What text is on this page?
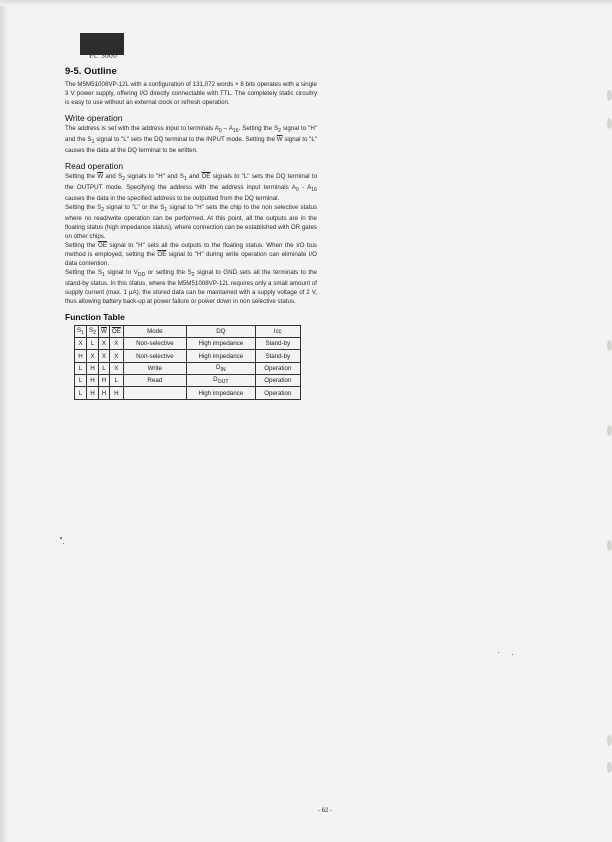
PC 3000
9-5. Outline

The M5M51008VP-12L with a configuration of 131,072 words × 8 bits operates with a single 3 V power supply, offering I/O directly connectable with TTL. The completely static circuitry is easy to use without an external clock or refresh operation.

Write operation

The address is set with the address input to terminals $A_0 - A_{16}$. Setting the $S_2$ signal to "H" and the $S_1$ signal to "L" sets the DQ terminal to the INPUT mode. Setting the $\overline{W}$ signal to "L" causes the data at the DQ terminal to be written.

Read operation

Setting the $\overline{W}$ and $S_2$ signals to "H" and $S_1$ and $\overline{OE}$ signals to "L" sets the DQ terminal to the OUTPUT mode. Specifying the address with the address input terminals $A_0 - A_{16}$ causes the data in the specified address to be outputted from the DQ terminal.

Setting the $S_2$ signal to "L" or the $S_1$ signal to "H" sets the chip to the non selective status where no read/write operation can be performed. At this point, all the outputs are in the floating status (high impedance status), where connection can be established with OR gates on other chips.

Setting the $\overline{OE}$ signal to "H" sets all the outputs to the floating status. When the I/O bus method is employed, setting the $\overline{OE}$ signal to "H" during write operation can eliminate I/O data contention.

Setting the $S_1$ signal to $V_{DD}$ or setting the $S_2$ signal to GND sets all the terminals to the stand-by status. In this status, where the M5M51008VP-12L requires only a small amount of supply current (max. 1 µA), the stored data can be maintained with a supply voltage of 2 V, thus allowing battery back-up at power failure or power down in non selective status.

Function Table
$S_1$	$S_2$	$\overline{W}$	$\overline{OE}$	Mode	DQ	Icc
X	L	X	X	Non-selective	High impedance	Stand-by
H	X	X	X	Non-selective	High impedance	Stand-by
L	H	L	X	Write	$D_{IN}$	Operation
L	H	H	L	Read	$D_{OUT}$	Operation
L	H	H	H		High impedance	Operation
- 62 -
